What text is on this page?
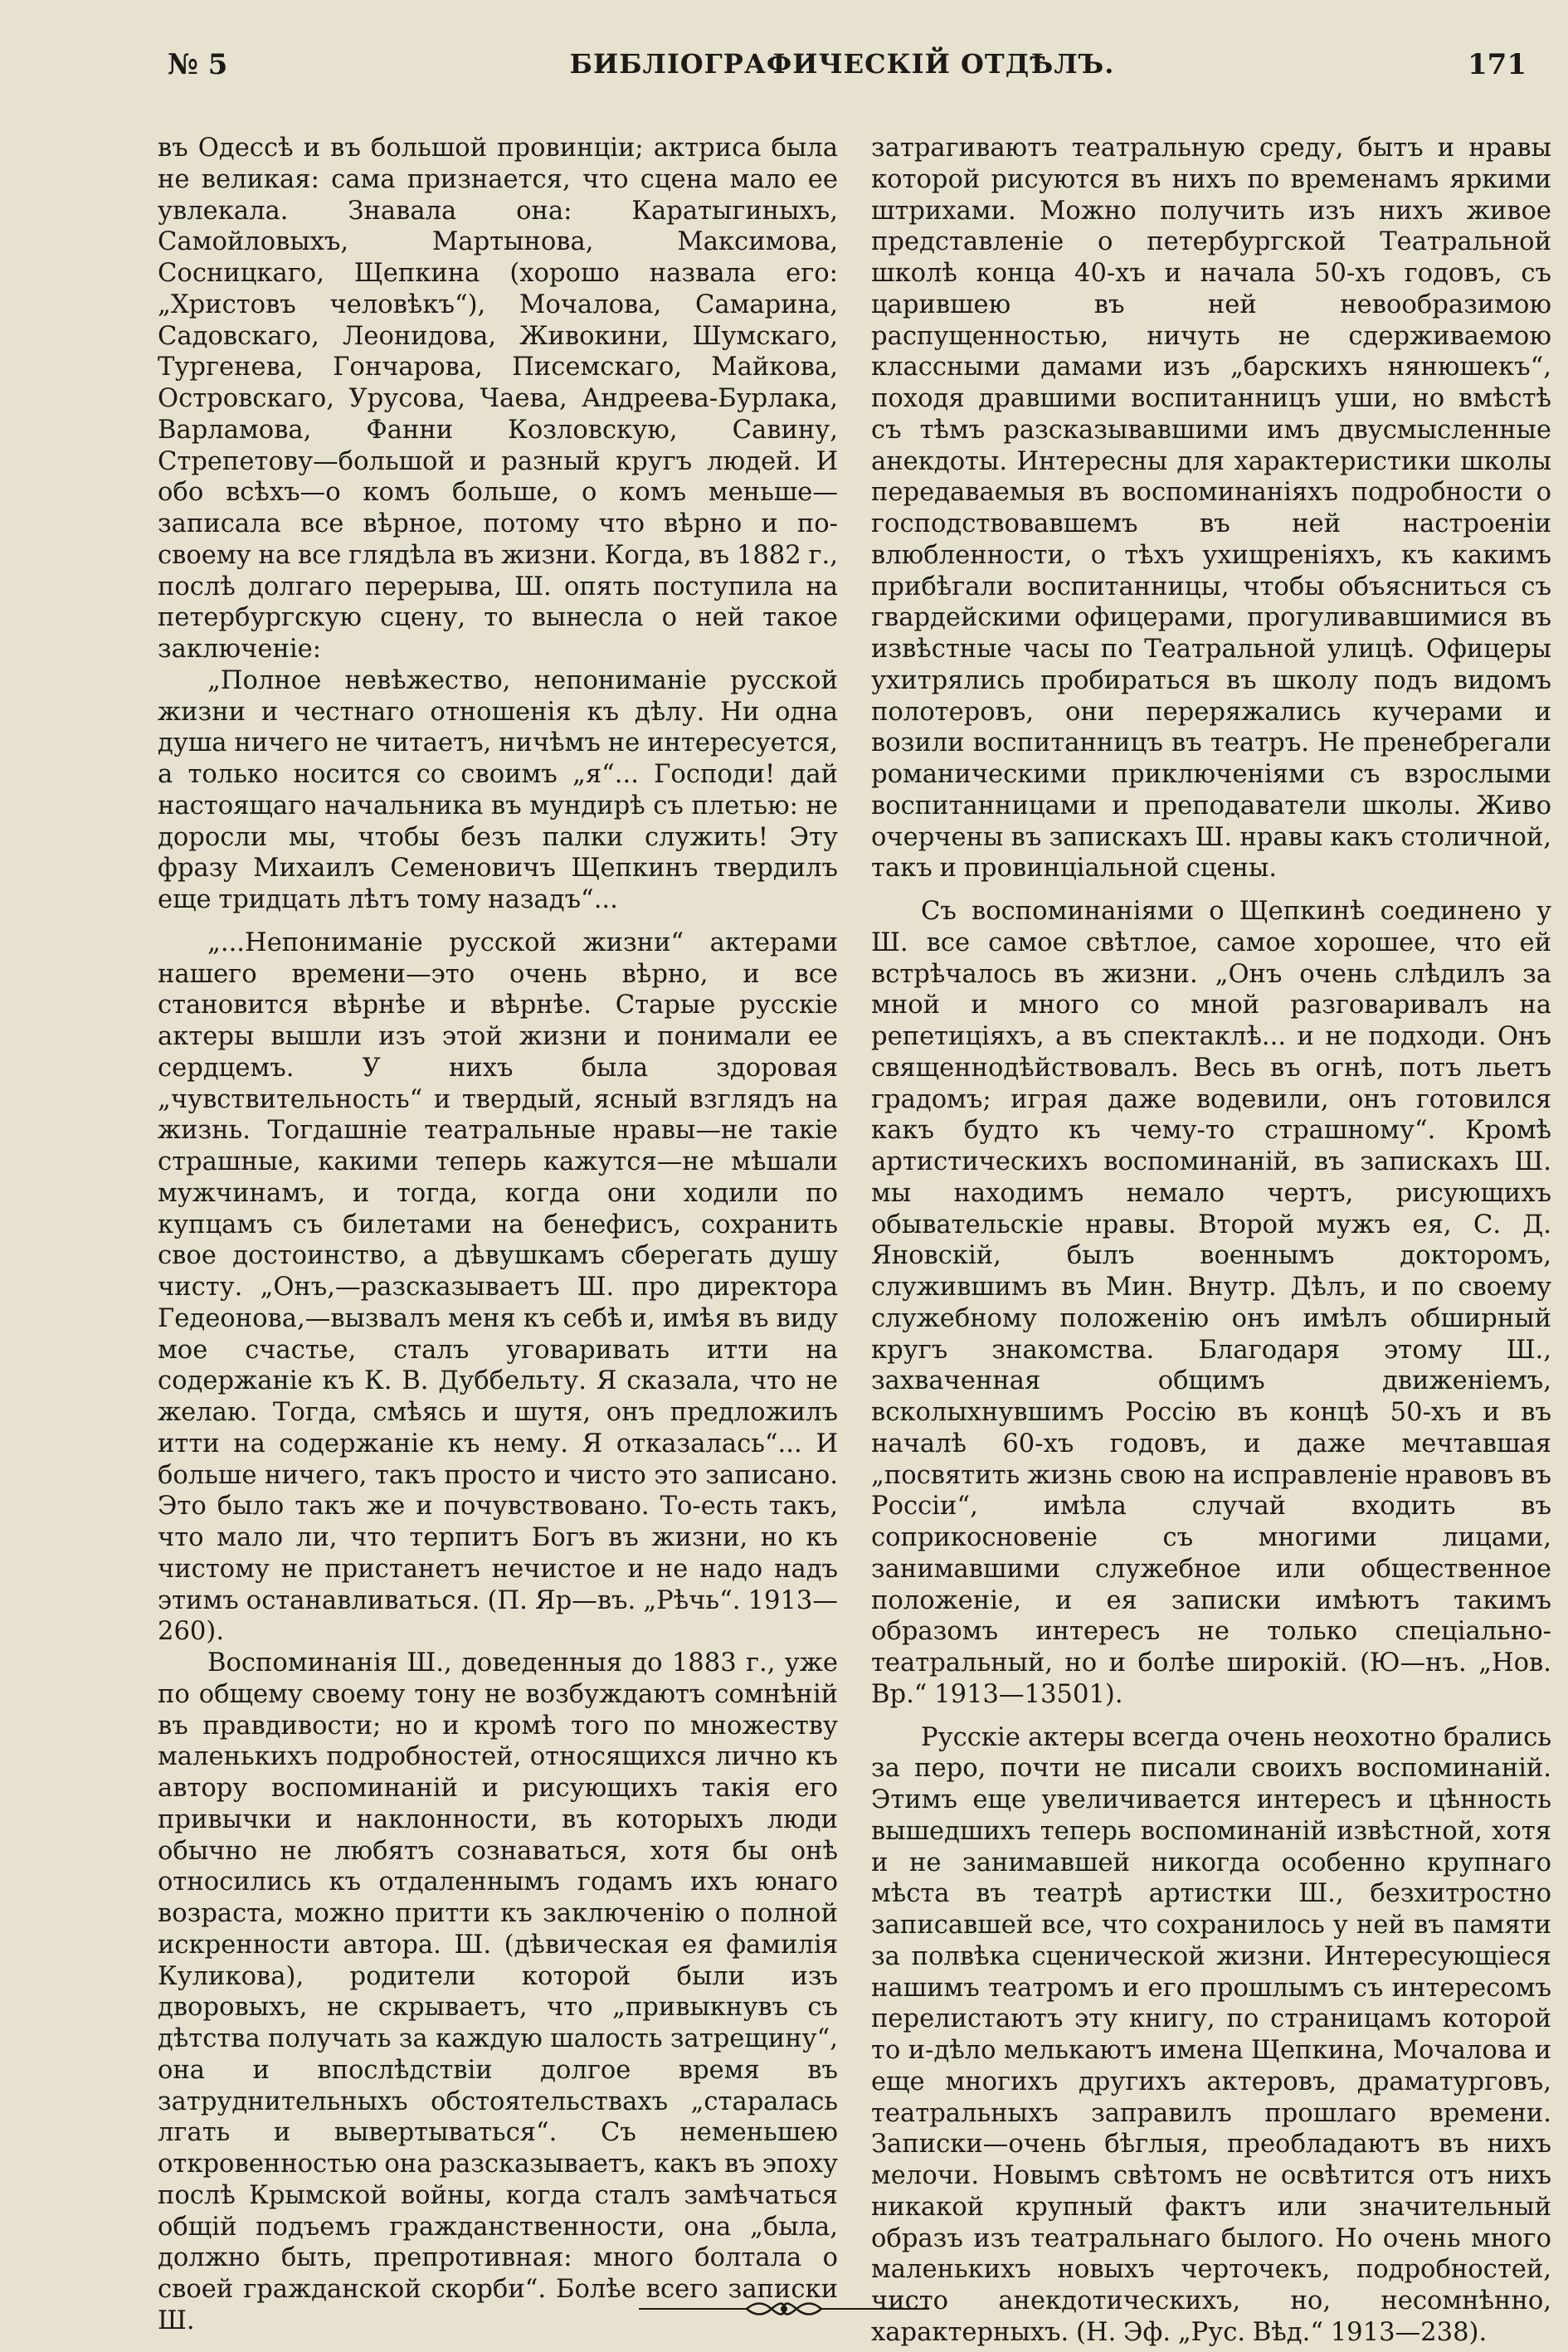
№ 5	БИБЛІОГРАФИЧЕСКІЙ ОТДѢЛЪ.	171

въ Одессѣ и въ большой провинціи; актриса была не великая: сама признается, что сцена мало ее увлекала. Знавала она: Каратыгиныхъ, Самойловыхъ, Мартынова, Максимова, Сосницкаго, Щепкина (хорошо назвала его: „Христовъ человѣкъ“), Мочалова, Самарина, Садовскаго, Леонидова, Живокини, Шумскаго, Тургенева, Гончарова, Писемскаго, Майкова, Островскаго, Урусова, Чаева, Андреева-Бурлака, Варламова, Фанни Козловскую, Савину, Стрепетову—большой и разный кругъ людей. И обо всѣхъ—о комъ больше, о комъ меньше—записала все вѣрное, потому что вѣрно и по-своему на все глядѣла въ жизни. Когда, въ 1882 г., послѣ долгаго перерыва, Ш. опять поступила на петербургскую сцену, то вынесла о ней такое заключеніе:

„Полное невѣжество, непониманіе русской жизни и честнаго отношенія къ дѣлу. Ни одна душа ничего не читаетъ, ничѣмъ не интересуется, а только носится со своимъ „я“... Господи! дай настоящаго начальника въ мундирѣ съ плетью: не доросли мы, чтобы безъ палки служить! Эту фразу Михаилъ Семеновичъ Щепкинъ твердилъ еще тридцать лѣтъ тому назадъ“...

„...Непониманіе русской жизни“ актерами нашего времени—это очень вѣрно, и все становится вѣрнѣе и вѣрнѣе. Старые русскіе актеры вышли изъ этой жизни и понимали ее сердцемъ. У нихъ была здоровая „чувствительность“ и твердый, ясный взглядъ на жизнь. Тогдашніе театральные нравы—не такіе страшные, какими теперь кажутся—не мѣшали мужчинамъ, и тогда, когда они ходили по купцамъ съ билетами на бенефисъ, сохранить свое достоинство, а дѣвушкамъ сберегать душу чисту. „Онъ,—разсказываетъ Ш. про директора Гедеонова,—вызвалъ меня къ себѣ и, имѣя въ виду мое счастье, сталъ уговаривать итти на содержаніе къ К. В. Дуббельту. Я сказала, что не желаю. Тогда, смѣясь и шутя, онъ предложилъ итти на содержаніе къ нему. Я отказалась“... И больше ничего, такъ просто и чисто это записано. Это было такъ же и почувствовано. То-есть такъ, что мало ли, что терпитъ Богъ въ жизни, но къ чистому не пристанетъ нечистое и не надо надъ этимъ останавливаться. (П. Яр—въ. „Рѣчь“. 1913—260).

Воспоминанія Ш., доведенныя до 1883 г., уже по общему своему тону не возбуждаютъ сомнѣній въ правдивости; но и кромѣ того по множеству маленькихъ подробностей, относящихся лично къ автору воспоминаній и рисующихъ такія его привычки и наклонности, въ которыхъ люди обычно не любятъ сознаваться, хотя бы онѣ относились къ отдаленнымъ годамъ ихъ юнаго возраста, можно притти къ заключенію о полной искренности автора. Ш. (дѣвическая ея фамилія Куликова), родители которой были изъ дворовыхъ, не скрываетъ, что „привыкнувъ съ дѣтства получать за каждую шалость затрещину“, она и впослѣдствіи долгое время въ затруднительныхъ обстоятельствахъ „старалась лгать и вывертываться“. Съ неменьшею откровенностью она разсказываетъ, какъ въ эпоху послѣ Крымской войны, когда сталъ замѣчаться общій подъемъ гражданственности, она „была, должно быть, препротивная: много болтала о своей гражданской скорби“. Болѣе всего записки Ш.

затрагиваютъ театральную среду, бытъ и нравы которой рисуются въ нихъ по временамъ яркими штрихами. Можно получить изъ нихъ живое представленіе о петербургской Театральной школѣ конца 40-хъ и начала 50-хъ годовъ, съ царившею въ ней невообразимою распущенностью, ничуть не сдерживаемою классными дамами изъ „барскихъ нянюшекъ“, походя дравшими воспитанницъ уши, но вмѣстѣ съ тѣмъ разсказывавшими имъ двусмысленные анекдоты. Интересны для характеристики школы передаваемыя въ воспоминаніяхъ подробности о господствовавшемъ въ ней настроеніи влюбленности, о тѣхъ ухищреніяхъ, къ какимъ прибѣгали воспитанницы, чтобы объясниться съ гвардейскими офицерами, прогуливавшимися въ извѣстные часы по Театральной улицѣ. Офицеры ухитрялись пробираться въ школу подъ видомъ полотеровъ, они переряжались кучерами и возили воспитанницъ въ театръ. Не пренебрегали романическими приключеніями съ взрослыми воспитанницами и преподаватели школы. Живо очерчены въ запискахъ Ш. нравы какъ столичной, такъ и провинціальной сцены.

Съ воспоминаніями о Щепкинѣ соединено у Ш. все самое свѣтлое, самое хорошее, что ей встрѣчалось въ жизни. „Онъ очень слѣдилъ за мной и много со мной разговаривалъ на репетиціяхъ, а въ спектаклѣ... и не подходи. Онъ священнодѣйствовалъ. Весь въ огнѣ, потъ льетъ градомъ; играя даже водевили, онъ готовился какъ будто къ чему-то страшному“. Кромѣ артистическихъ воспоминаній, въ запискахъ Ш. мы находимъ немало чертъ, рисующихъ обывательскіе нравы. Второй мужъ ея, С. Д. Яновскій, былъ военнымъ докторомъ, служившимъ въ Мин. Внутр. Дѣлъ, и по своему служебному положенію онъ имѣлъ обширный кругъ знакомства. Благодаря этому Ш., захваченная общимъ движеніемъ, всколыхнувшимъ Россію въ концѣ 50-хъ и въ началѣ 60-хъ годовъ, и даже мечтавшая „посвятить жизнь свою на исправленіе нравовъ въ Россіи“, имѣла случай входить въ соприкосновеніе съ многими лицами, занимавшими служебное или общественное положеніе, и ея записки имѣютъ такимъ образомъ интересъ не только спеціально-театральный, но и болѣе широкій. (Ю—нъ. „Нов. Вр.“ 1913—13501).

Русскіе актеры всегда очень неохотно брались за перо, почти не писали своихъ воспоминаній. Этимъ еще увеличивается интересъ и цѣнность вышедшихъ теперь воспоминаній извѣстной, хотя и не занимавшей никогда особенно крупнаго мѣста въ театрѣ артистки Ш., безхитростно записавшей все, что сохранилось у ней въ памяти за полвѣка сценической жизни. Интересующіеся нашимъ театромъ и его прошлымъ съ интересомъ перелистаютъ эту книгу, по страницамъ которой то и-дѣло мелькаютъ имена Щепкина, Мочалова и еще многихъ другихъ актеровъ, драматурговъ, театральныхъ заправилъ прошлаго времени. Записки—очень бѣглыя, преобладаютъ въ нихъ мелочи. Новымъ свѣтомъ не освѣтится отъ нихъ никакой крупный фактъ или значительный образъ изъ театральнаго былого. Но очень много маленькихъ новыхъ черточекъ, подробностей, чисто анекдотическихъ, но, несомнѣнно, характерныхъ. (Н. Эф. „Рус. Вѣд.“ 1913—238).
